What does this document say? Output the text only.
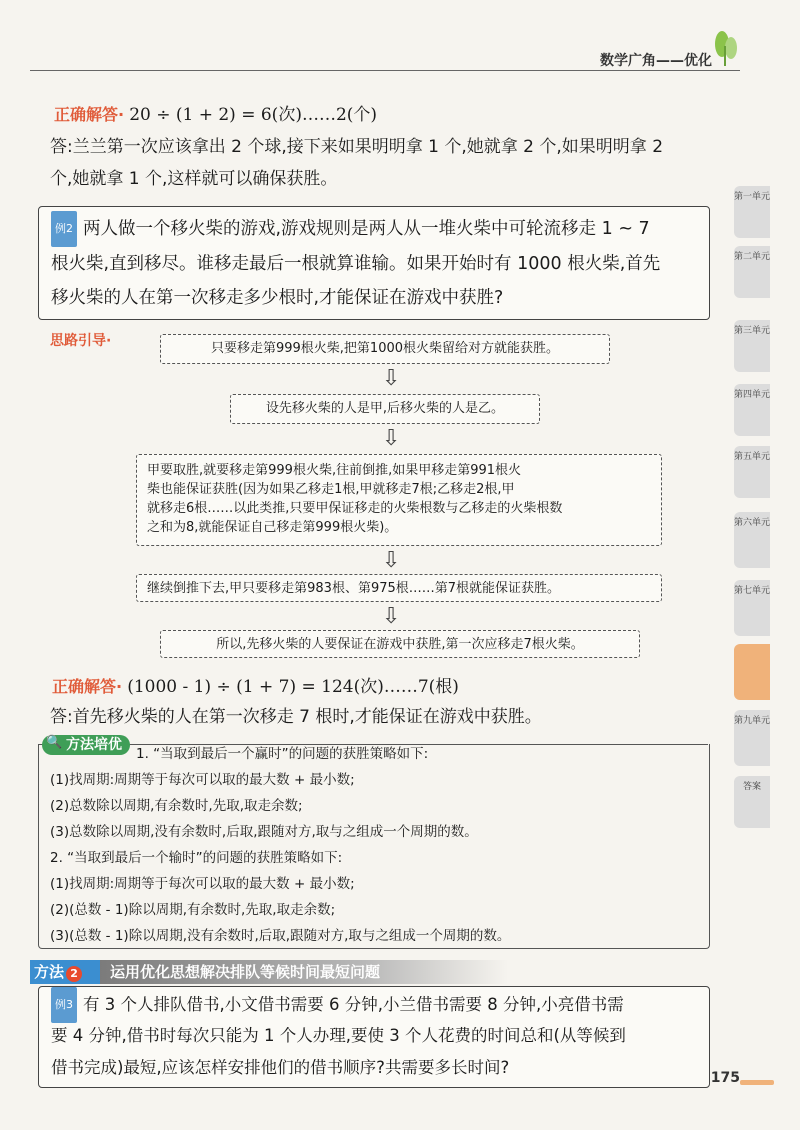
数学广角——优化
正确解答· 20 ÷ (1 + 2) = 6(次)……2(个)
答:兰兰第一次应该拿出 2 个球,接下来如果明明拿 1 个,她就拿 2 个,如果明明拿 2
个,她就拿 1 个,这样就可以确保获胜。
例2 两人做一个移火柴的游戏,游戏规则是两人从一堆火柴中可轮流移走 1 ~ 7
根火柴,直到移尽。谁移走最后一根就算谁输。如果开始时有 1000 根火柴,首先
移火柴的人在第一次移走多少根时,才能保证在游戏中获胜?
思路引导·	只要移走第999根火柴,把第1000根火柴留给对方就能获胜。
⇩
设先移火柴的人是甲,后移火柴的人是乙。
⇩
甲要取胜,就要移走第999根火柴,往前倒推,如果甲移走第991根火
柴也能保证获胜(因为如果乙移走1根,甲就移走7根;乙移走2根,甲
就移走6根……以此类推,只要甲保证移走的火柴根数与乙移走的火柴根数
之和为8,就能保证自己移走第999根火柴)。
⇩
继续倒推下去,甲只要移走第983根、第975根……第7根就能保证获胜。
⇩
所以,先移火柴的人要保证在游戏中获胜,第一次应移走7根火柴。
正确解答· (1000 - 1) ÷ (1 + 7) = 124(次)……7(根)
答:首先移火柴的人在第一次移走 7 根时,才能保证在游戏中获胜。
方法培优
🔍
1. “当取到最后一个赢时”的问题的获胜策略如下:
(1)找周期:周期等于每次可以取的最大数 + 最小数;
(2)总数除以周期,有余数时,先取,取走余数;
(3)总数除以周期,没有余数时,后取,跟随对方,取与之组成一个周期的数。
2. “当取到最后一个输时”的问题的获胜策略如下:
(1)找周期:周期等于每次可以取的最大数 + 最小数;
(2)(总数 - 1)除以周期,有余数时,先取,取走余数;
(3)(总数 - 1)除以周期,没有余数时,后取,跟随对方,取与之组成一个周期的数。
方法 2	运用优化思想解决排队等候时间最短问题
例3 有 3 个人排队借书,小文借书需要 6 分钟,小兰借书需要 8 分钟,小亮借书需
要 4 分钟,借书时每次只能为 1 个人办理,要使 3 个人花费的时间总和(从等候到
借书完成)最短,应该怎样安排他们的借书顺序?共需要多长时间?
第一单元
第二单元
第三单元
第四单元
第五单元
第六单元
第七单元
第八单元
第九单元
答案
175
